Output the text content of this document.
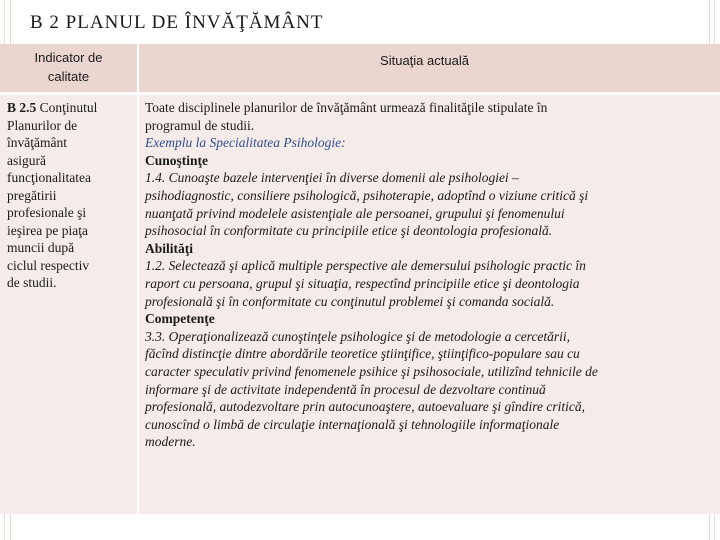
B 2 PLANUL DE ÎNVĂŢĂMÂNT
Indicator de
calitate
Situaţia actuală
B 2.5 Conţinutul
Planurilor de
învăţământ
asigură
funcţionalitatea
pregătirii
profesionale şi
ieşirea pe piaţa
muncii după
ciclul respectiv
de studii.
Toate disciplinele planurilor de învăţământ urmează finalităţile stipulate în
programul de studii.
Exemplu la Specialitatea Psihologie:
Cunoştinţe
1.4. Cunoaşte bazele intervenţiei în diverse domenii ale psihologiei –
psihodiagnostic, consiliere psihologică, psihoterapie, adoptînd o viziune critică şi
nuanţată privind modelele asistenţiale ale persoanei, grupului şi fenomenului
psihosocial în conformitate cu principiile etice şi deontologia profesională.
Abilităţi
1.2. Selectează şi aplică multiple perspective ale demersului psihologic practic în
raport cu persoana, grupul şi situaţia, respectînd principiile etice şi deontologia
profesională şi în conformitate cu conţinutul problemei şi comanda socială.
Competenţe
3.3. Operaţionalizează cunoştinţele psihologice şi de metodologie a cercetării,
făcînd distincţie dintre abordările teoretice ştiinţifice, ştiinţifico-populare sau cu
caracter speculativ privind fenomenele psihice şi psihosociale, utilizînd tehnicile de
informare şi de activitate independentă în procesul de dezvoltare continuă
profesională, autodezvoltare prin autocunoaştere, autoevaluare şi gîndire critică,
cunoscînd o limbă de circulaţie internaţională şi tehnologiile informaţionale
moderne.
